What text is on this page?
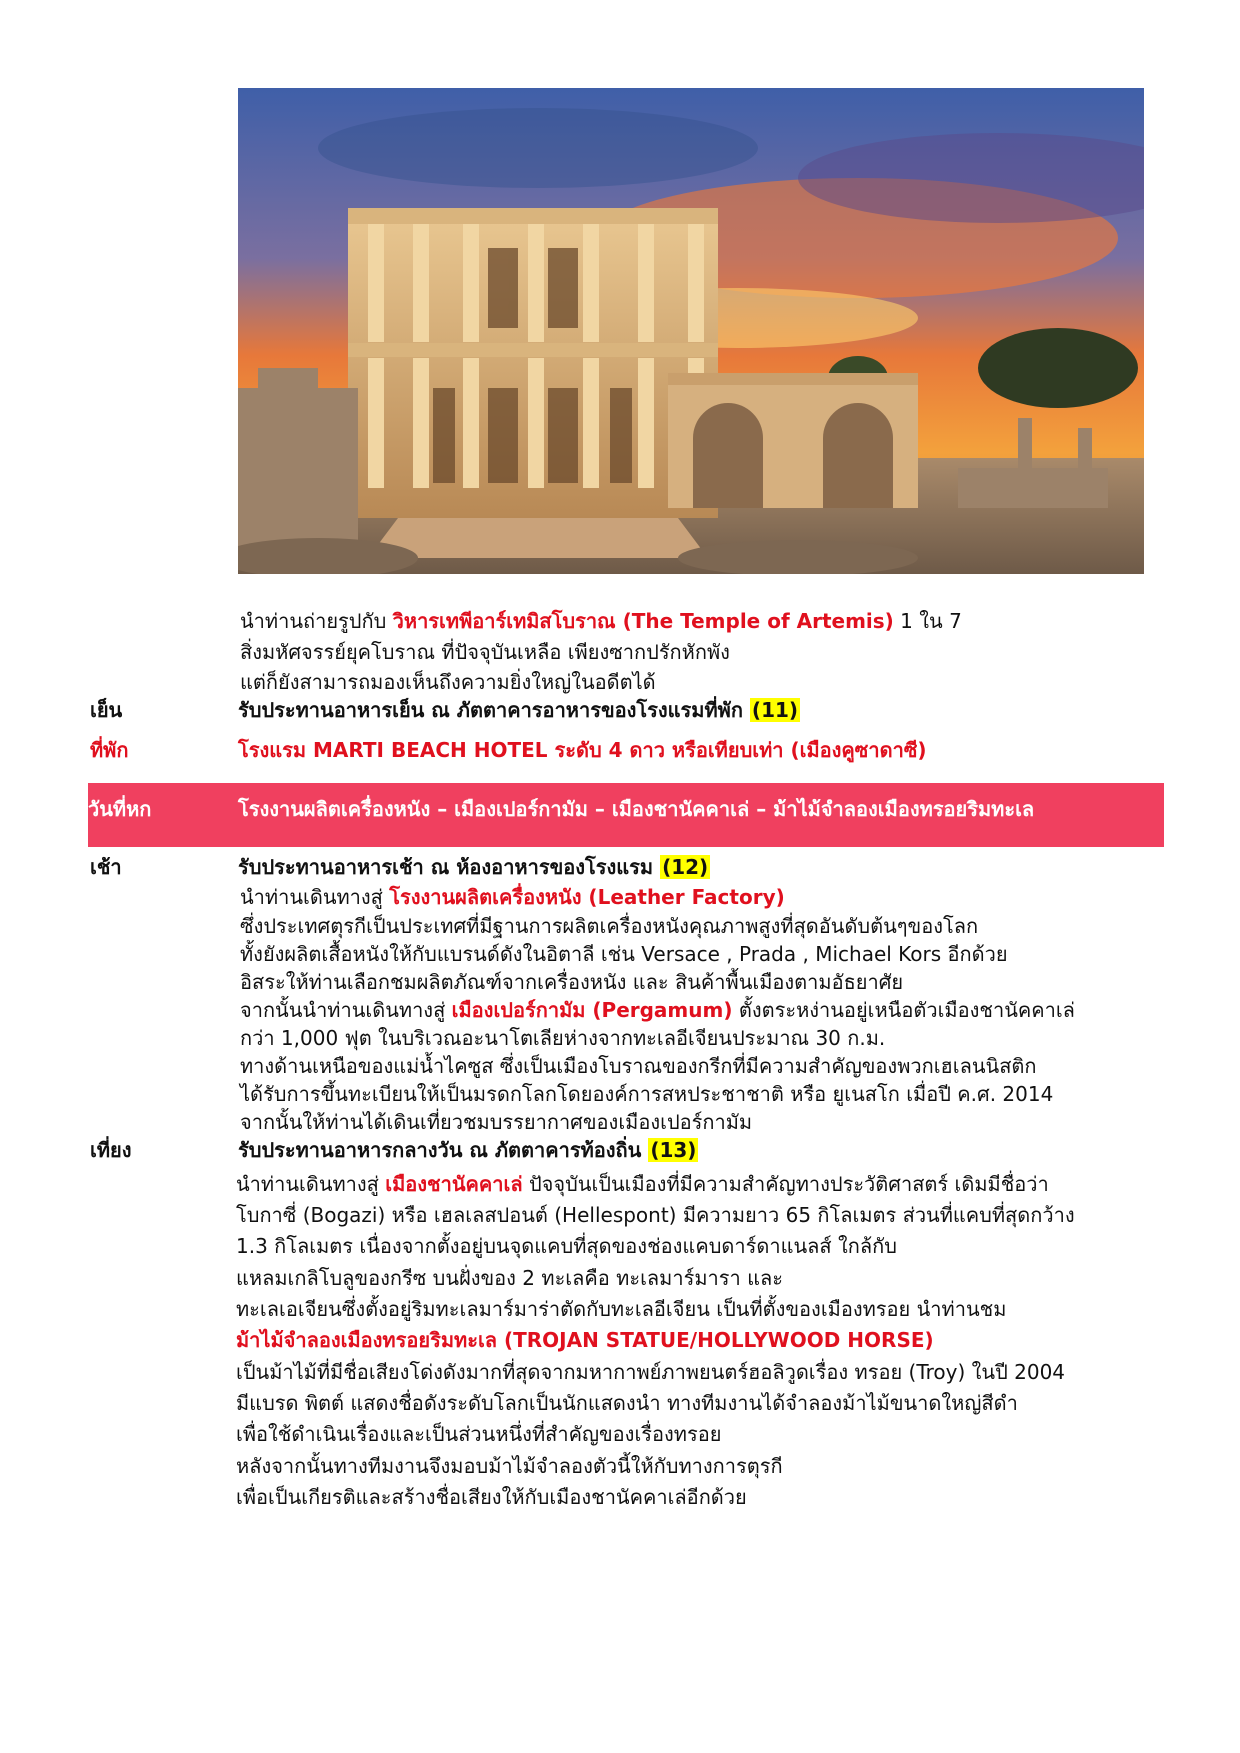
นำท่านถ่ายรูปกับ วิหารเทพีอาร์เทมิสโบราณ (The Temple of Artemis) 1 ใน 7
สิ่งมหัศจรรย์ยุคโบราณ ที่ปัจจุบันเหลือ เพียงซากปรักหักพัง
แต่ก็ยังสามารถมองเห็นถึงความยิ่งใหญ่ในอดีตได้
เย็น	รับประทานอาหารเย็น ณ ภัตตาคารอาหารของโรงแรมที่พัก (11)
ที่พัก	โรงแรม MARTI BEACH HOTEL ระดับ 4 ดาว หรือเทียบเท่า (เมืองคูซาดาซี)
วันที่หก	โรงงานผลิตเครื่องหนัง – เมืองเปอร์กามัม – เมืองชานัคคาเล่ – ม้าไม้จำลองเมืองทรอยริมทะเล
เช้า	รับประทานอาหารเช้า ณ ห้องอาหารของโรงแรม (12)
นำท่านเดินทางสู่ โรงงานผลิตเครื่องหนัง (Leather Factory)
ซึ่งประเทศตุรกีเป็นประเทศที่มีฐานการผลิตเครื่องหนังคุณภาพสูงที่สุดอันดับต้นๆของโลก
ทั้งยังผลิตเสื้อหนังให้กับแบรนด์ดังในอิตาลี เช่น Versace , Prada , Michael Kors อีกด้วย
อิสระให้ท่านเลือกชมผลิตภัณฑ์จากเครื่องหนัง และ สินค้าพื้นเมืองตามอัธยาศัย
จากนั้นนำท่านเดินทางสู่ เมืองเปอร์กามัม (Pergamum) ตั้งตระหง่านอยู่เหนือตัวเมืองชานัคคาเล่
กว่า 1,000 ฟุต ในบริเวณอะนาโตเลียห่างจากทะเลอีเจียนประมาณ 30 ก.ม.
ทางด้านเหนือของแม่น้ำไคซูส ซึ่งเป็นเมืองโบราณของกรีกที่มีความสำคัญของพวกเฮเลนนิสติก
ได้รับการขึ้นทะเบียนให้เป็นมรดกโลกโดยองค์การสหประชาชาติ หรือ ยูเนสโก เมื่อปี ค.ศ. 2014
จากนั้นให้ท่านได้เดินเที่ยวชมบรรยากาศของเมืองเปอร์กามัม
เที่ยง	รับประทานอาหารกลางวัน ณ ภัตตาคารท้องถิ่น (13)
นำท่านเดินทางสู่ เมืองชานัคคาเล่ ปัจจุบันเป็นเมืองที่มีความสำคัญทางประวัติศาสตร์ เดิมมีชื่อว่า
โบกาซี่ (Bogazi) หรือ เฮลเลสปอนต์ (Hellespont) มีความยาว 65 กิโลเมตร ส่วนที่แคบที่สุดกว้าง
1.3 กิโลเมตร เนื่องจากตั้งอยู่บนจุดแคบที่สุดของช่องแคบดาร์ดาแนลส์ ใกล้กับ
แหลมเกลิโบลูของกรีซ บนฝั่งของ 2 ทะเลคือ ทะเลมาร์มารา และ
ทะเลเอเจียนซึ่งตั้งอยู่ริมทะเลมาร์มาร่าตัดกับทะเลอีเจียน เป็นที่ตั้งของเมืองทรอย นำท่านชม
ม้าไม้จำลองเมืองทรอยริมทะเล (TROJAN STATUE/HOLLYWOOD HORSE)
เป็นม้าไม้ที่มีชื่อเสียงโด่งดังมากที่สุดจากมหากาพย์ภาพยนตร์ฮอลิวูดเรื่อง ทรอย (Troy) ในปี 2004
มีแบรด พิตต์ แสดงชื่อดังระดับโลกเป็นนักแสดงนำ ทางทีมงานได้จำลองม้าไม้ขนาดใหญ่สีดำ
เพื่อใช้ดำเนินเรื่องและเป็นส่วนหนึ่งที่สำคัญของเรื่องทรอย
หลังจากนั้นทางทีมงานจึงมอบม้าไม้จำลองตัวนี้ให้กับทางการตุรกี
เพื่อเป็นเกียรติและสร้างชื่อเสียงให้กับเมืองชานัคคาเล่อีกด้วย
